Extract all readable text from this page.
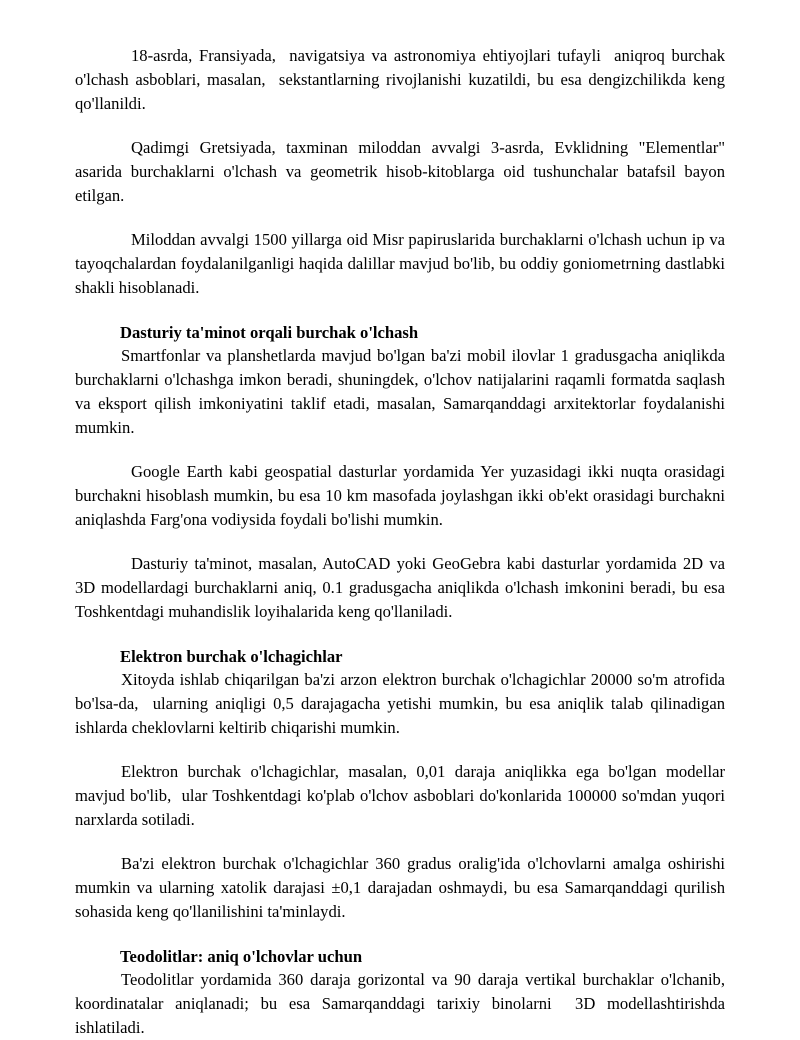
18-asrda, Fransiyada,  navigatsiya va astronomiya ehtiyojlari tufayli  aniqroq burchak o'lchash asboblari, masalan,  sekstantlarning rivojlanishi kuzatildi, bu esa dengizchilikda keng qo'llanildi.

Qadimgi Gretsiyada, taxminan miloddan avvalgi 3-asrda, Evklidning "Elementlar" asarida burchaklarni o'lchash va geometrik hisob-kitoblarga oid tushunchalar batafsil bayon etilgan.

Miloddan avvalgi 1500 yillarga oid Misr papiruslarida burchaklarni o'lchash uchun ip va tayoqchalardan foydalanilganligi haqida dalillar mavjud bo'lib, bu oddiy goniometrning dastlabki shakli hisoblanadi.

Dasturiy ta'minot orqali burchak o'lchash

Smartfonlar va planshetlarda mavjud bo'lgan ba'zi mobil ilovlar 1 gradusgacha aniqlikda burchaklarni o'lchashga imkon beradi, shuningdek, o'lchov natijalarini raqamli formatda saqlash va eksport qilish imkoniyatini taklif etadi, masalan, Samarqanddagi arxitektorlar foydalanishi mumkin.

Google Earth kabi geospatial dasturlar yordamida Yer yuzasidagi ikki nuqta orasidagi burchakni hisoblash mumkin, bu esa 10 km masofada joylashgan ikki ob'ekt orasidagi burchakni aniqlashda Farg'ona vodiysida foydali bo'lishi mumkin.

Dasturiy ta'minot, masalan, AutoCAD yoki GeoGebra kabi dasturlar yordamida 2D va 3D modellardagi burchaklarni aniq, 0.1 gradusgacha aniqlikda o'lchash imkonini beradi, bu esa Toshkentdagi muhandislik loyihalarida keng qo'llaniladi.

Elektron burchak o'lchagichlar

Xitoyda ishlab chiqarilgan ba'zi arzon elektron burchak o'lchagichlar 20000 so'm atrofida bo'lsa-da,  ularning aniqligi 0,5 darajagacha yetishi mumkin, bu esa aniqlik talab qilinadigan ishlarda cheklovlarni keltirib chiqarishi mumkin.

Elektron burchak o'lchagichlar, masalan, 0,01 daraja aniqlikka ega bo'lgan modellar mavjud bo'lib,  ular Toshkentdagi ko'plab o'lchov asboblari do'konlarida 100000 so'mdan yuqori narxlarda sotiladi.

Ba'zi elektron burchak o'lchagichlar 360 gradus oralig'ida o'lchovlarni amalga oshirishi mumkin va ularning xatolik darajasi ±0,1 darajadan oshmaydi, bu esa Samarqanddagi qurilish sohasida keng qo'llanilishini ta'minlaydi.

Teodolitlar: aniq o'lchovlar uchun

Teodolitlar yordamida 360 daraja gorizontal va 90 daraja vertikal burchaklar o'lchanib, koordinatalar aniqlanadi; bu esa Samarqanddagi tarixiy binolarni  3D modellashtirishda ishlatiladi.
